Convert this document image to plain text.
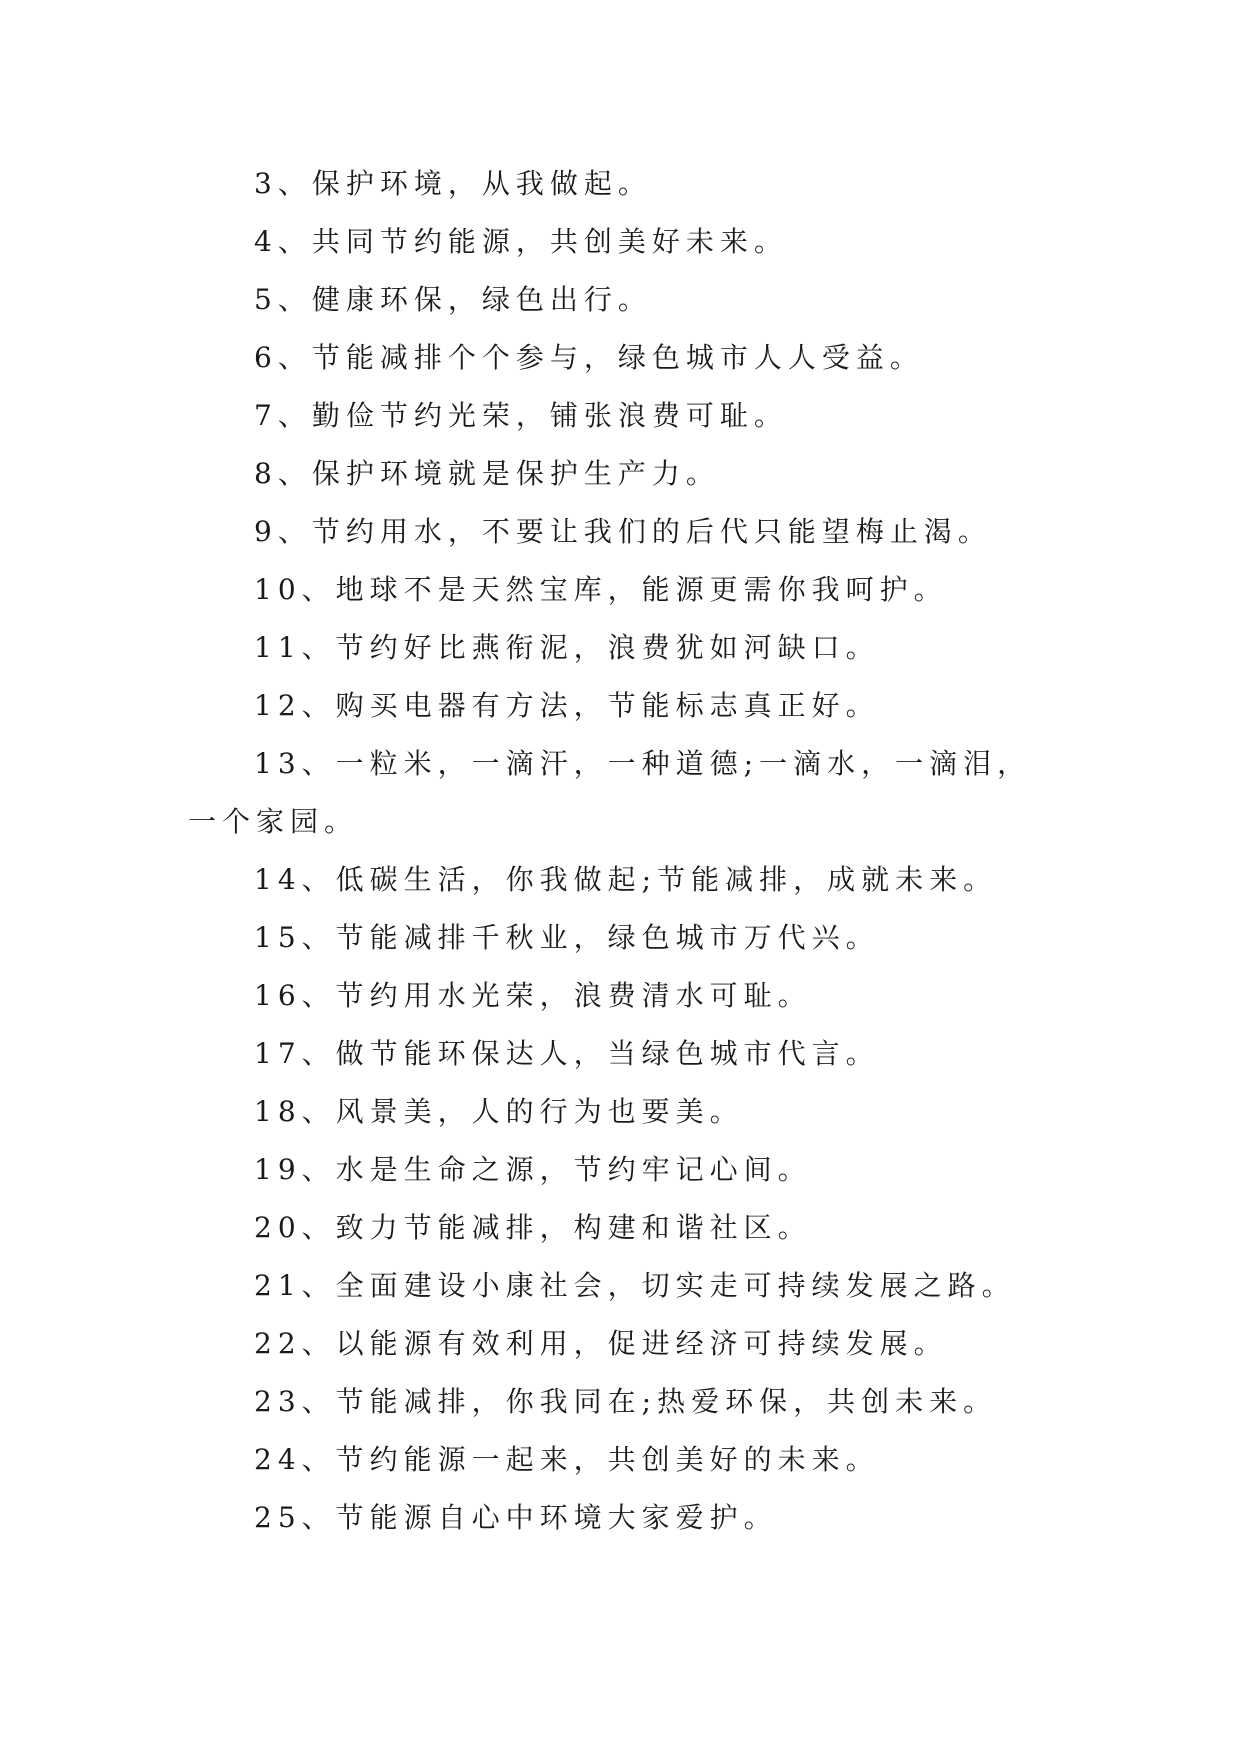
3、保护环境，从我做起。

4、共同节约能源，共创美好未来。

5、健康环保，绿色出行。

6、节能减排个个参与，绿色城市人人受益。

7、勤俭节约光荣，铺张浪费可耻。

8、保护环境就是保护生产力。

9、节约用水，不要让我们的后代只能望梅止渴。

10、地球不是天然宝库，能源更需你我呵护。

11、节约好比燕衔泥，浪费犹如河缺口。

12、购买电器有方法，节能标志真正好。

13、一粒米，一滴汗，一种道德;一滴水，一滴泪，一个家园。

14、低碳生活，你我做起;节能减排，成就未来。

15、节能减排千秋业，绿色城市万代兴。

16、节约用水光荣，浪费清水可耻。

17、做节能环保达人，当绿色城市代言。

18、风景美，人的行为也要美。

19、水是生命之源，节约牢记心间。

20、致力节能减排，构建和谐社区。

21、全面建设小康社会，切实走可持续发展之路。

22、以能源有效利用，促进经济可持续发展。

23、节能减排，你我同在;热爱环保，共创未来。

24、节约能源一起来，共创美好的未来。

25、节能源自心中环境大家爱护。
